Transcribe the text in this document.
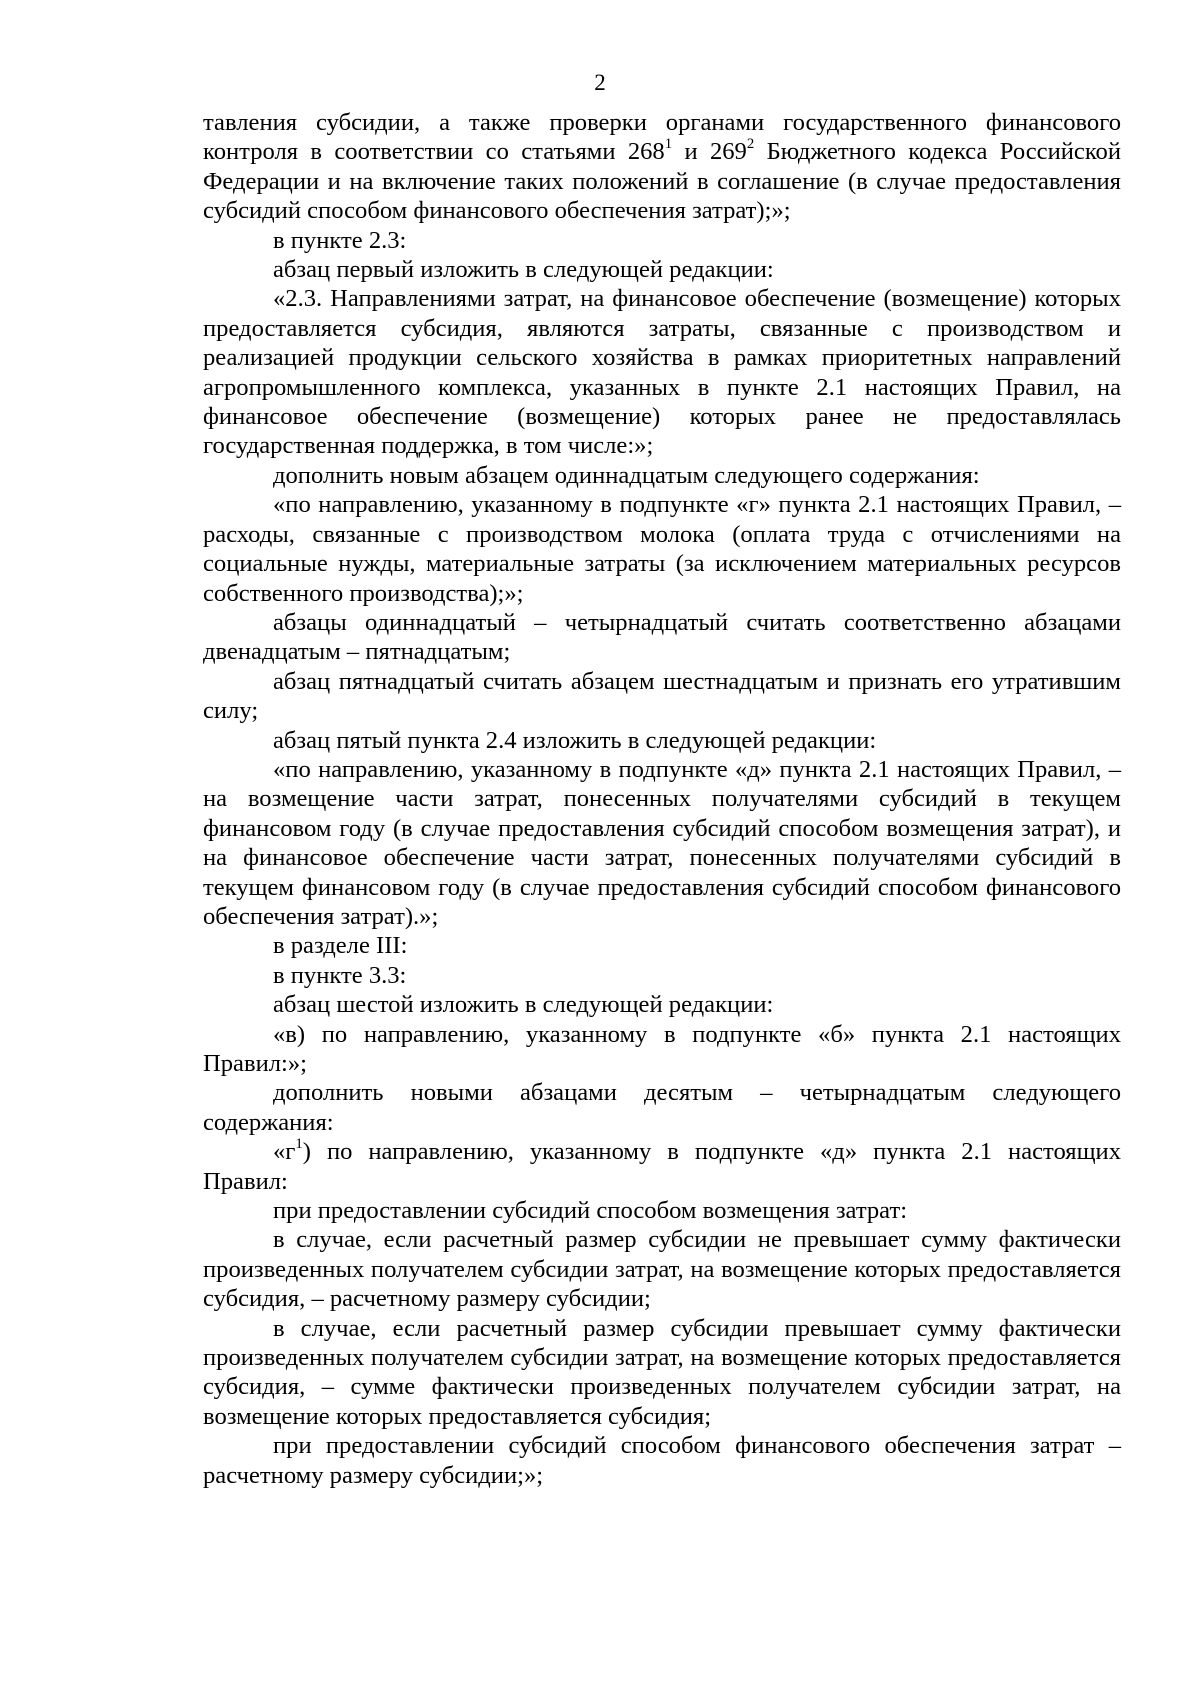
2

тавления субсидии, а также проверки органами государственного финансового контроля в соответствии со статьями $268^1$ и $269^2$ Бюджетного кодекса Российской Федерации и на включение таких положений в соглашение (в случае предоставления субсидий способом финансового обеспечения затрат);»;

в пункте 2.3:

абзац первый изложить в следующей редакции:

«2.3. Направлениями затрат, на финансовое обеспечение (возмещение) которых предоставляется субсидия, являются затраты, связанные с производством и реализацией продукции сельского хозяйства в рамках приоритетных направлений агропромышленного комплекса, указанных в пункте 2.1 настоящих Правил, на финансовое обеспечение (возмещение) которых ранее не предоставлялась государственная поддержка, в том числе:»;

дополнить новым абзацем одиннадцатым следующего содержания:

«по направлению, указанному в подпункте «г» пункта 2.1 настоящих Правил, – расходы, связанные с производством молока (оплата труда с отчислениями на социальные нужды, материальные затраты (за исключением материальных ресурсов собственного производства);»;

абзацы одиннадцатый – четырнадцатый считать соответственно абзацами двенадцатым – пятнадцатым;

абзац пятнадцатый считать абзацем шестнадцатым и признать его утратившим силу;

абзац пятый пункта 2.4 изложить в следующей редакции:

«по направлению, указанному в подпункте «д» пункта 2.1 настоящих Правил, – на возмещение части затрат, понесенных получателями субсидий в текущем финансовом году (в случае предоставления субсидий способом возмещения затрат), и на финансовое обеспечение части затрат, понесенных получателями субсидий в текущем финансовом году (в случае предоставления субсидий способом финансового обеспечения затрат).»;

в разделе III:

в пункте 3.3:

абзац шестой изложить в следующей редакции:

«в) по направлению, указанному в подпункте «б» пункта 2.1 настоящих Правил:»;

дополнить новыми абзацами десятым – четырнадцатым следующего содержания:

«$г^1$) по направлению, указанному в подпункте «д» пункта 2.1 настоящих Правил:

при предоставлении субсидий способом возмещения затрат:

в случае, если расчетный размер субсидии не превышает сумму фактически произведенных получателем субсидии затрат, на возмещение которых предоставляется субсидия, – расчетному размеру субсидии;

в случае, если расчетный размер субсидии превышает сумму фактически произведенных получателем субсидии затрат, на возмещение которых предоставляется субсидия, – сумме фактически произведенных получателем субсидии затрат, на возмещение которых предоставляется субсидия;

при предоставлении субсидий способом финансового обеспечения затрат – расчетному размеру субсидии;»;
